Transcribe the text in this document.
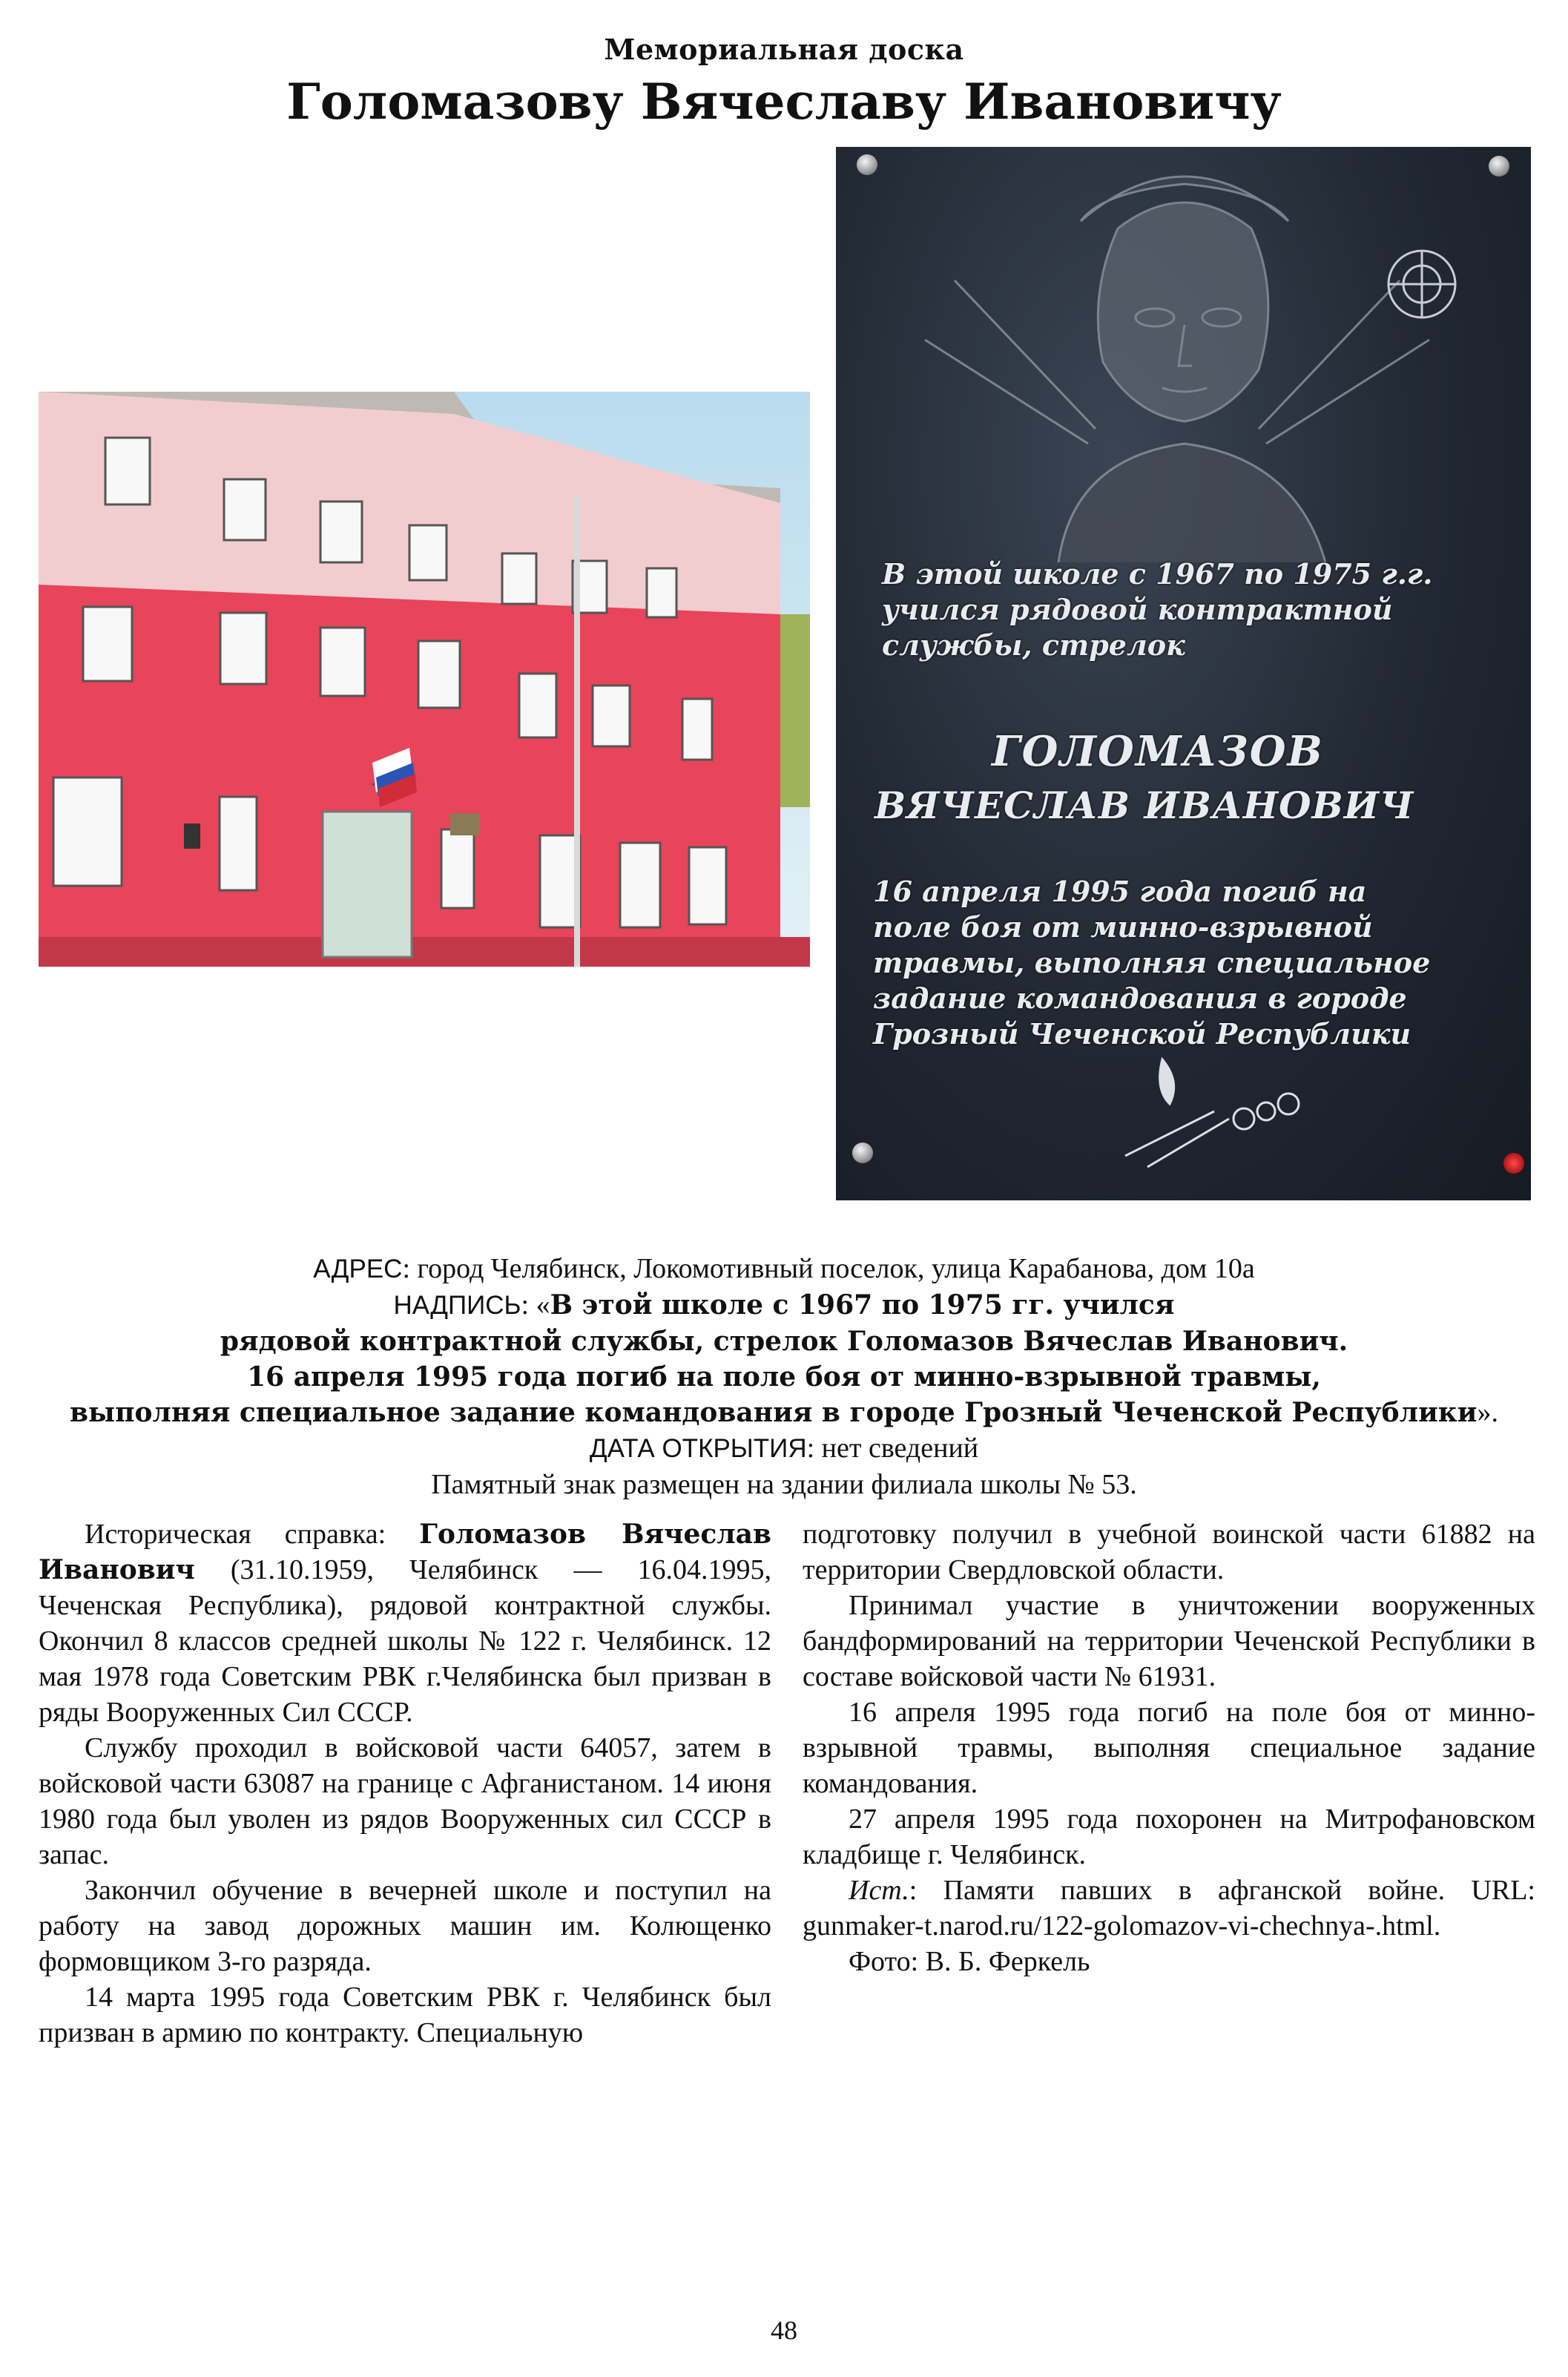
Мемориальная доска
Голомазову Вячеславу Ивановичу
В этой школе с 1967 по 1975 г.г.
учился рядовой контрактной
службы, стрелок
ГОЛОМАЗОВ
ВЯЧЕСЛАВ ИВАНОВИЧ
16 апреля 1995 года погиб на
поле боя от минно-взрывной
травмы, выполняя специальное
задание командования в городе
Грозный Чеченской Республики
АДРЕС: город Челябинск, Локомотивный поселок, улица Карабанова, дом 10а
НАДПИСЬ: «В этой школе с 1967 по 1975 гг. учился
рядовой контрактной службы, стрелок Голомазов Вячеслав Иванович.
16 апреля 1995 года погиб на поле боя от минно-взрывной травмы,
выполняя специальное задание командования в городе Грозный Чеченской Республики».
ДАТА ОТКРЫТИЯ: нет сведений
Памятный знак размещен на здании филиала школы № 53.

Историческая справка: Голомазов Вячеслав Иванович (31.10.1959, Челябинск — 16.04.1995, Чеченская Республика), рядовой контрактной службы. Окончил 8 классов средней школы № 122 г. Челябинск. 12 мая 1978 года Советским РВК г.Челябинска был призван в ряды Вооруженных Сил СССР.

Службу проходил в войсковой части 64057, затем в войсковой части 63087 на границе с Афганистаном. 14 июня 1980 года был уволен из рядов Вооруженных сил СССР в запас.

Закончил обучение в вечерней школе и поступил на работу на завод дорожных машин им. Колющенко формовщиком 3-го разряда.

14 марта 1995 года Советским РВК г. Челябинск был призван в армию по контракту. Специальную

подготовку получил в учебной воинской части 61882 на территории Свердловской области.

Принимал участие в уничтожении вооруженных бандформирований на территории Чеченской Республики в составе войсковой части № 61931.

16 апреля 1995 года погиб на поле боя от минно-взрывной травмы, выполняя специальное задание командования.

27 апреля 1995 года похоронен на Митрофановском кладбище г. Челябинск.

Ист.: Памяти павших в афганской войне. URL: gunmaker-t.narod.ru/122-golomazov-vi-chechnya-.html.

Фото: В. Б. Феркель

48
